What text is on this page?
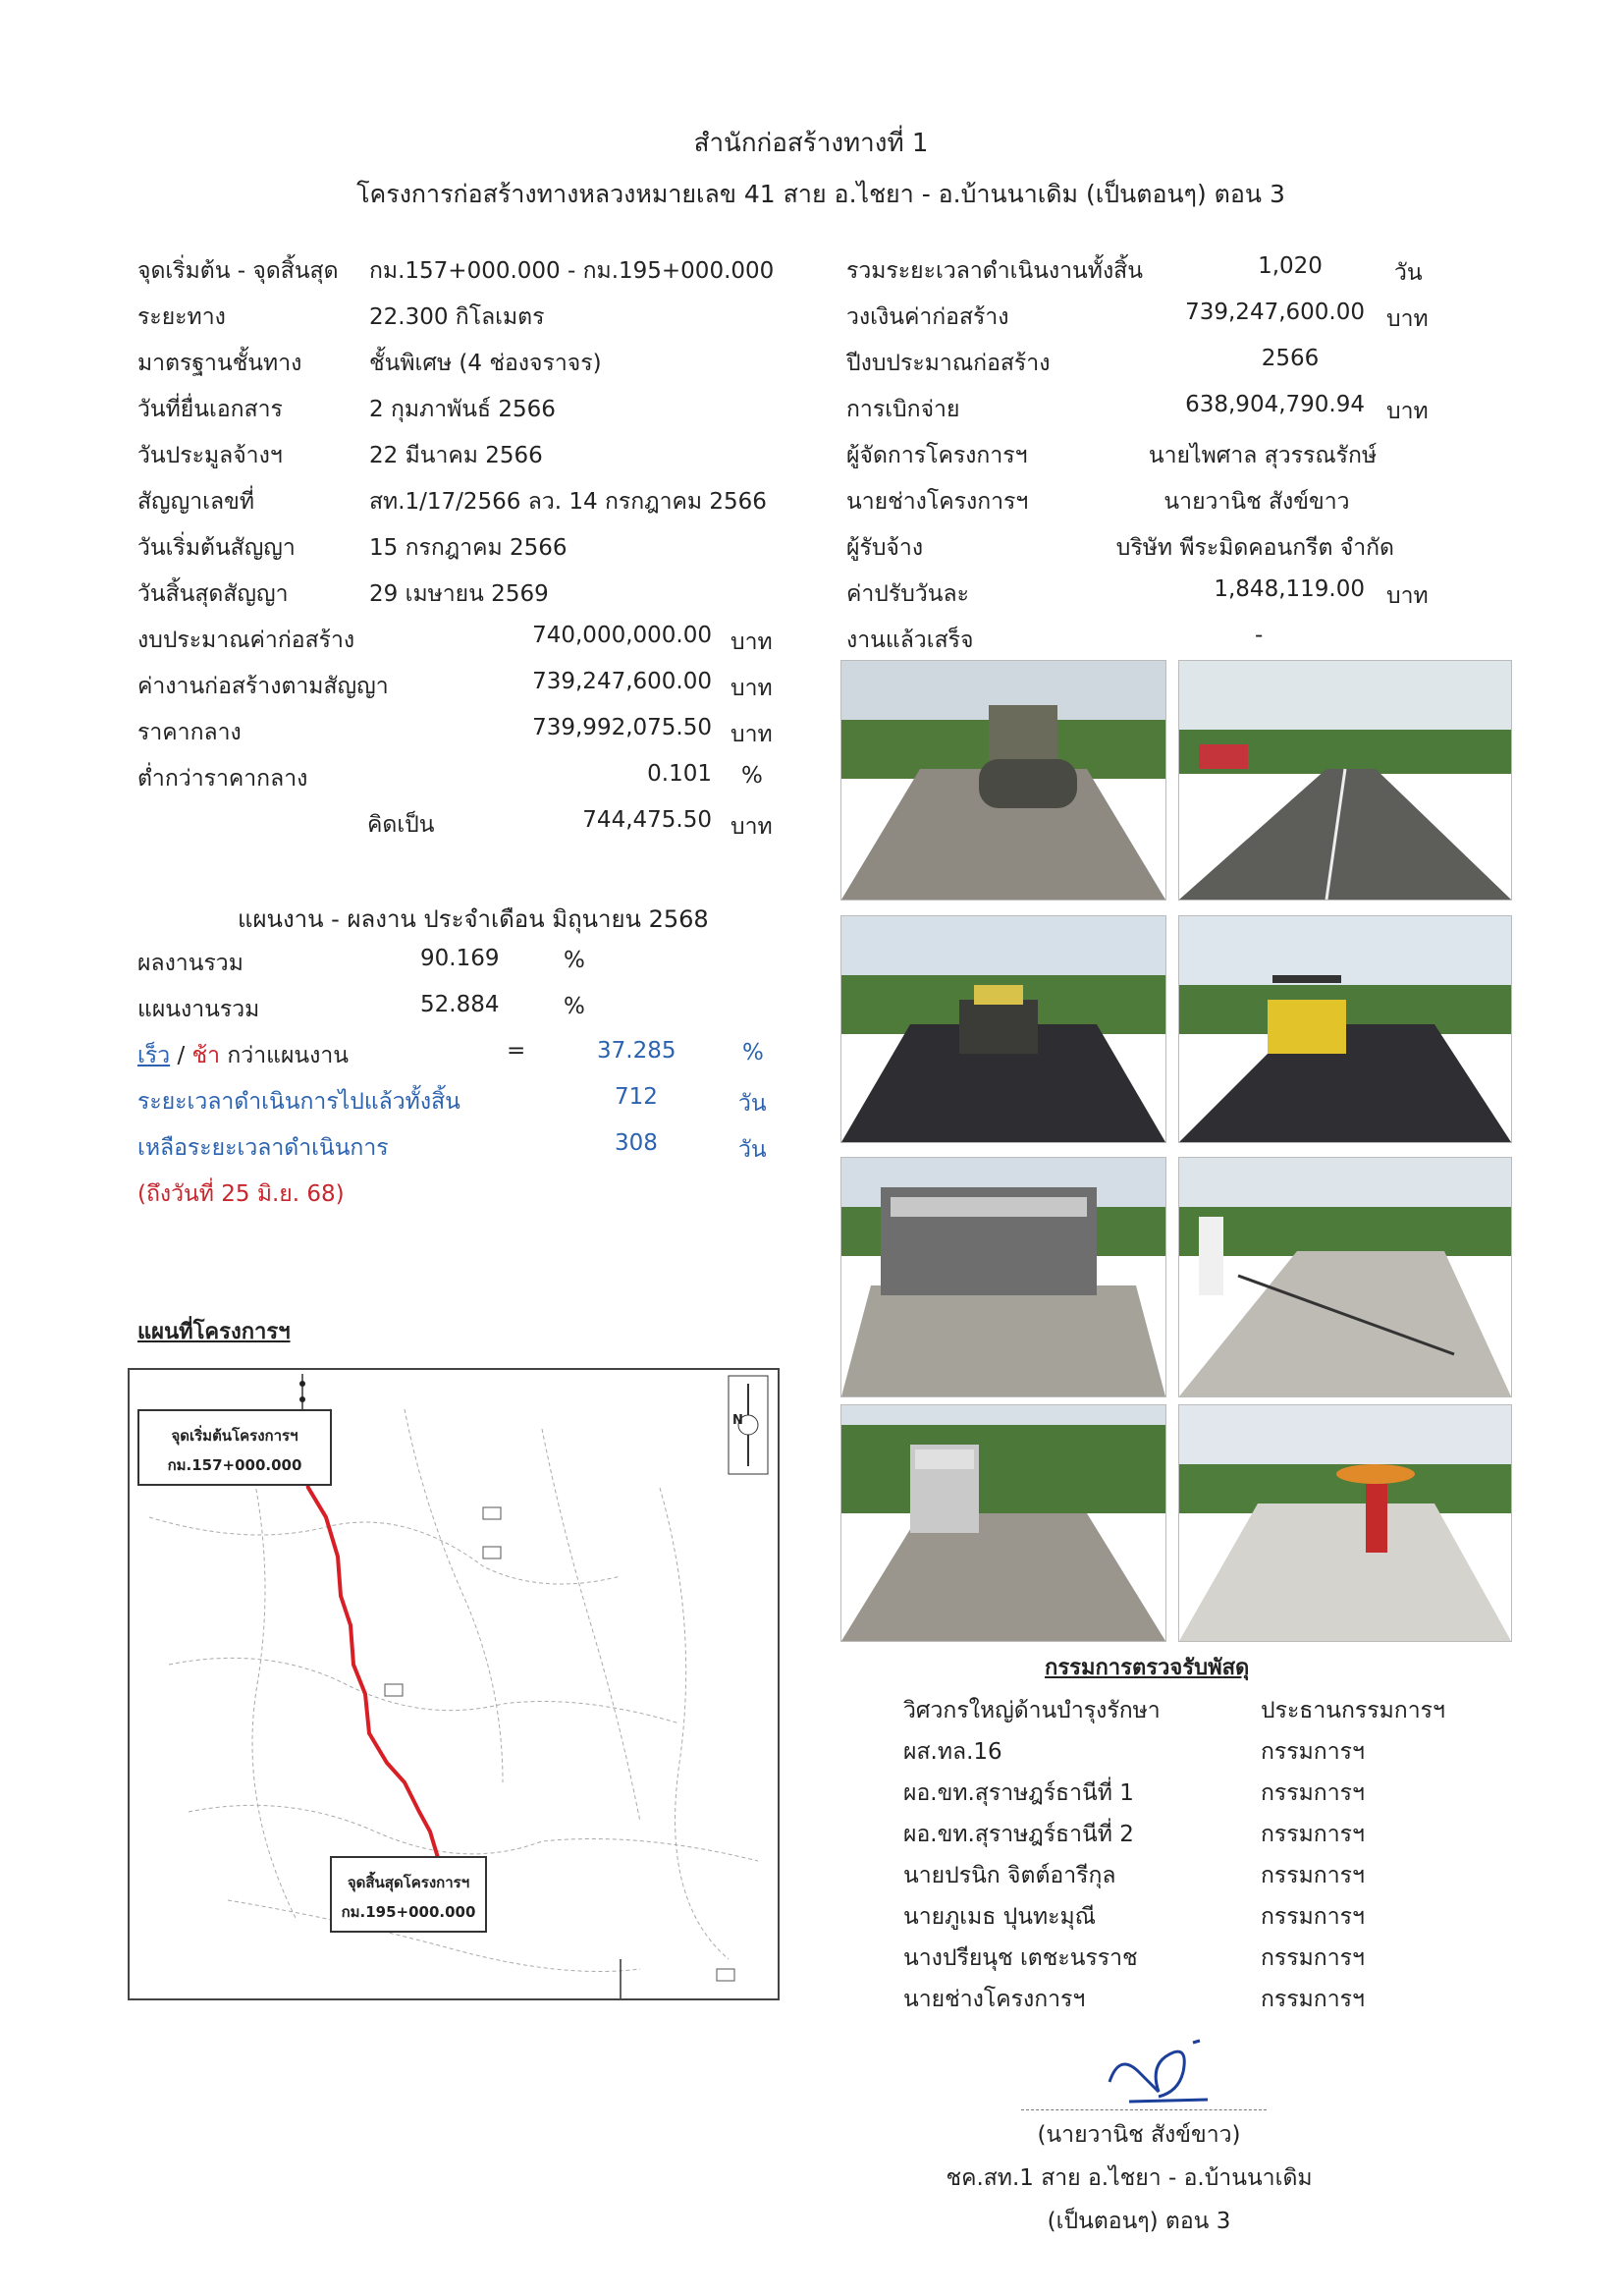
สำนักก่อสร้างทางที่ 1
โครงการก่อสร้างทางหลวงหมายเลข 41 สาย อ.ไชยา - อ.บ้านนาเดิม (เป็นตอนๆ) ตอน 3
จุดเริ่มต้น - จุดสิ้นสุด กม.157+000.000 - กม.195+000.000
ระยะทาง	22.300 กิโลเมตร
มาตรฐานชั้นทาง	ชั้นพิเศษ (4 ช่องจราจร)
วันที่ยื่นเอกสาร	2 กุมภาพันธ์ 2566
วันประมูลจ้างฯ	22 มีนาคม 2566
สัญญาเลขที่	สท.1/17/2566 ลว. 14 กรกฎาคม 2566
วันเริ่มต้นสัญญา	15 กรกฎาคม 2566
วันสิ้นสุดสัญญา	29 เมษายน 2569
งบประมาณค่าก่อสร้าง	740,000,000.00 บาท
ค่างานก่อสร้างตามสัญญา	739,247,600.00 บาท
ราคากลาง	739,992,075.50 บาท
ต่ำกว่าราคากลาง	0.101 %
คิดเป็น	744,475.50 บาท
รวมระยะเวลาดำเนินงานทั้งสิ้น	1,020	วัน
วงเงินค่าก่อสร้าง	739,247,600.00 บาท
ปีงบประมาณก่อสร้าง	2566
การเบิกจ่าย	638,904,790.94 บาท
ผู้จัดการโครงการฯ	นายไพศาล สุวรรณรักษ์
นายช่างโครงการฯ	นายวานิช สังข์ขาว
ผู้รับจ้าง	บริษัท พีระมิดคอนกรีต จำกัด
ค่าปรับวันละ	1,848,119.00 บาท
งานแล้วเสร็จ	-
แผนงาน - ผลงาน ประจำเดือน มิถุนายน 2568
ผลงานรวม	90.169	%
แผนงานรวม	52.884	%
เร็ว / ช้า กว่าแผนงาน	=	37.285	%
ระยะเวลาดำเนินการไปแล้วทั้งสิ้น	712	วัน
เหลือระยะเวลาดำเนินการ	308	วัน
(ถึงวันที่ 25 มิ.ย. 68)
แผนที่โครงการฯ
N
จุดเริ่มต้นโครงการฯ
กม.157+000.000
จุดสิ้นสุดโครงการฯ
กม.195+000.000
กรรมการตรวจรับพัสดุ
วิศวกรใหญ่ด้านบำรุงรักษา	ประธานกรรมการฯ
ผส.ทล.16	กรรมการฯ
ผอ.ขท.สุราษฎร์ธานีที่ 1	กรรมการฯ
ผอ.ขท.สุราษฎร์ธานีที่ 2	กรรมการฯ
นายปรนิก จิตต์อารีกุล	กรรมการฯ
นายภูเมธ ปุนทะมุณี	กรรมการฯ
นางปรียนุช เตชะนรราช	กรรมการฯ
นายช่างโครงการฯ	กรรมการฯ
(นายวานิช สังข์ขาว)
ชค.สท.1 สาย อ.ไชยา - อ.บ้านนาเดิม
(เป็นตอนๆ) ตอน 3
